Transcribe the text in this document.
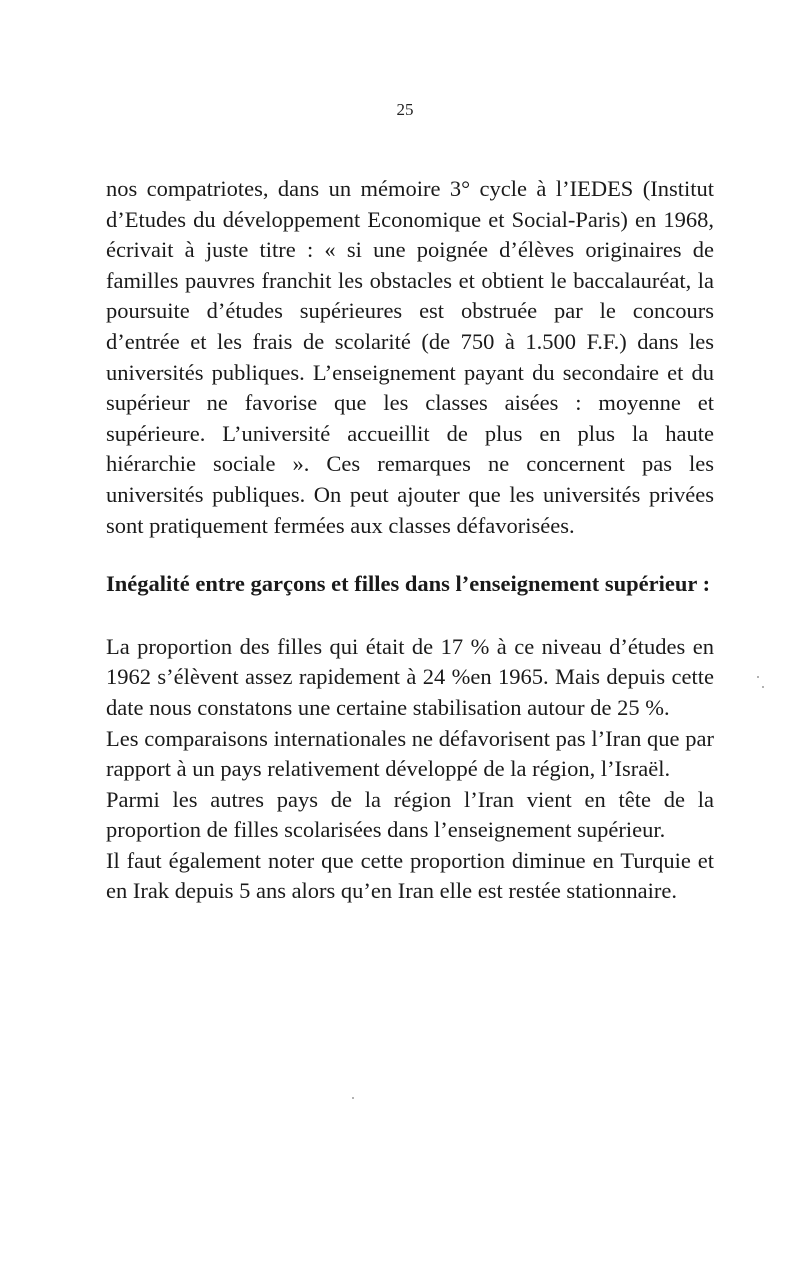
25

nos compatriotes, dans un mémoire 3° cycle à l’IEDES (Institut d’Etudes du développement Economique et Social-Paris) en 1968, écrivait à juste titre : « si une poignée d’élèves originaires de familles pauvres franchit les obstacles et obtient le baccalauréat, la poursuite d’études supérieures est obstruée par le concours d’entrée et les frais de scolarité (de 750 à 1.500 F.F.) dans les universités publiques. L’enseignement payant du secondaire et du supérieur ne favorise que les classes aisées : moyenne et supérieure. L’université accueillit de plus en plus la haute hiérarchie sociale ». Ces remarques ne concernent pas les universités publiques. On peut ajouter que les universités privées sont pratiquement fermées aux classes défavorisées.

Inégalité entre garçons et filles dans l’enseignement supérieur :

La proportion des filles qui était de 17 % à ce niveau d’études en 1962 s’élèvent assez rapidement à 24 %en 1965. Mais depuis cette date nous constatons une certaine stabilisation autour de 25 %.

Les comparaisons internationales ne défavorisent pas l’Iran que par rapport à un pays relativement développé de la région, l’Israël.

Parmi les autres pays de la région l’Iran vient en tête de la proportion de filles scolarisées dans l’enseignement supérieur.

Il faut également noter que cette proportion diminue en Turquie et en Irak depuis 5 ans alors qu’en Iran elle est restée stationnaire.
